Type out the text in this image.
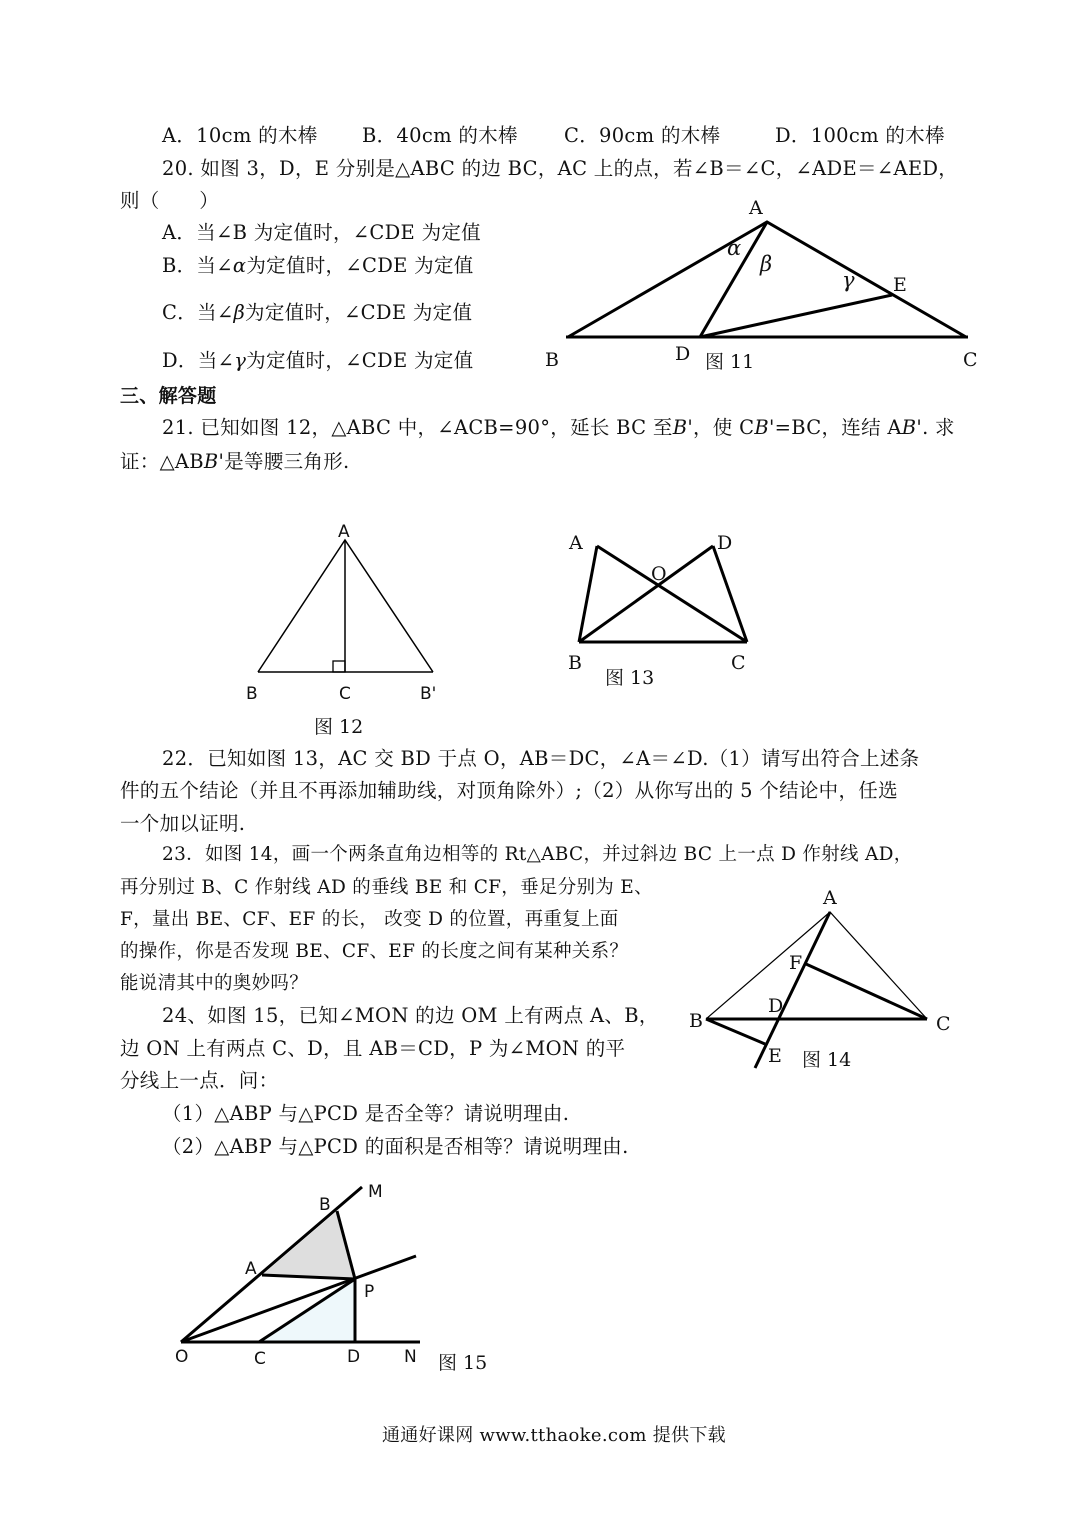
A．10cm 的木棒 B．40cm 的木棒 C．90cm 的木棒	D．100cm 的木棒
20. 如图 3，D，E 分别是△ABC 的边 BC，AC 上的点，若∠B＝∠C，∠ADE＝∠AED，
则（　　）
A．当∠B 为定值时，∠CDE 为定值
B．当∠α为定值时，∠CDE 为定值
C．当∠β为定值时，∠CDE 为定值
D．当∠γ为定值时，∠CDE 为定值
A
B	C
D
E
α
β
γ
图 11
三、解答题
21. 已知如图 12，△ABC 中，∠ACB=90°，延长 BC 至B'，使 CB'=BC，连结 AB'. 求
证：△ABB'是等腰三角形.
A
B	C	B'
图 12
A	D
O
B	C
图 13
22．已知如图 13，AC 交 BD 于点 O，AB＝DC，∠A＝∠D.（1）请写出符合上述条
件的五个结论（并且不再添加辅助线，对顶角除外）;（2）从你写出的 5 个结论中，任选
一个加以证明.
23．如图 14，画一个两条直角边相等的 Rt△ABC，并过斜边 BC 上一点 D 作射线 AD，
再分别过 B、C 作射线 AD 的垂线 BE 和 CF，垂足分别为 E、
F，量出 BE、CF、EF 的长， 改变 D 的位置，再重复上面
的操作，你是否发现 BE、CF、EF 的长度之间有某种关系？
能说清其中的奥妙吗？
A
F
D
B	C
E 图 14
24、如图 15，已知∠MON 的边 OM 上有两点 A、B，
边 ON 上有两点 C、D，且 AB＝CD，P 为∠MON 的平
分线上一点．问：
（1）△ABP 与△PCD 是否全等？请说明理由.
（2）△ABP 与△PCD 的面积是否相等？请说明理由.
B
M
A
P
O	C	D	N 图 15
通通好课网 www.tthaoke.com 提供下载
